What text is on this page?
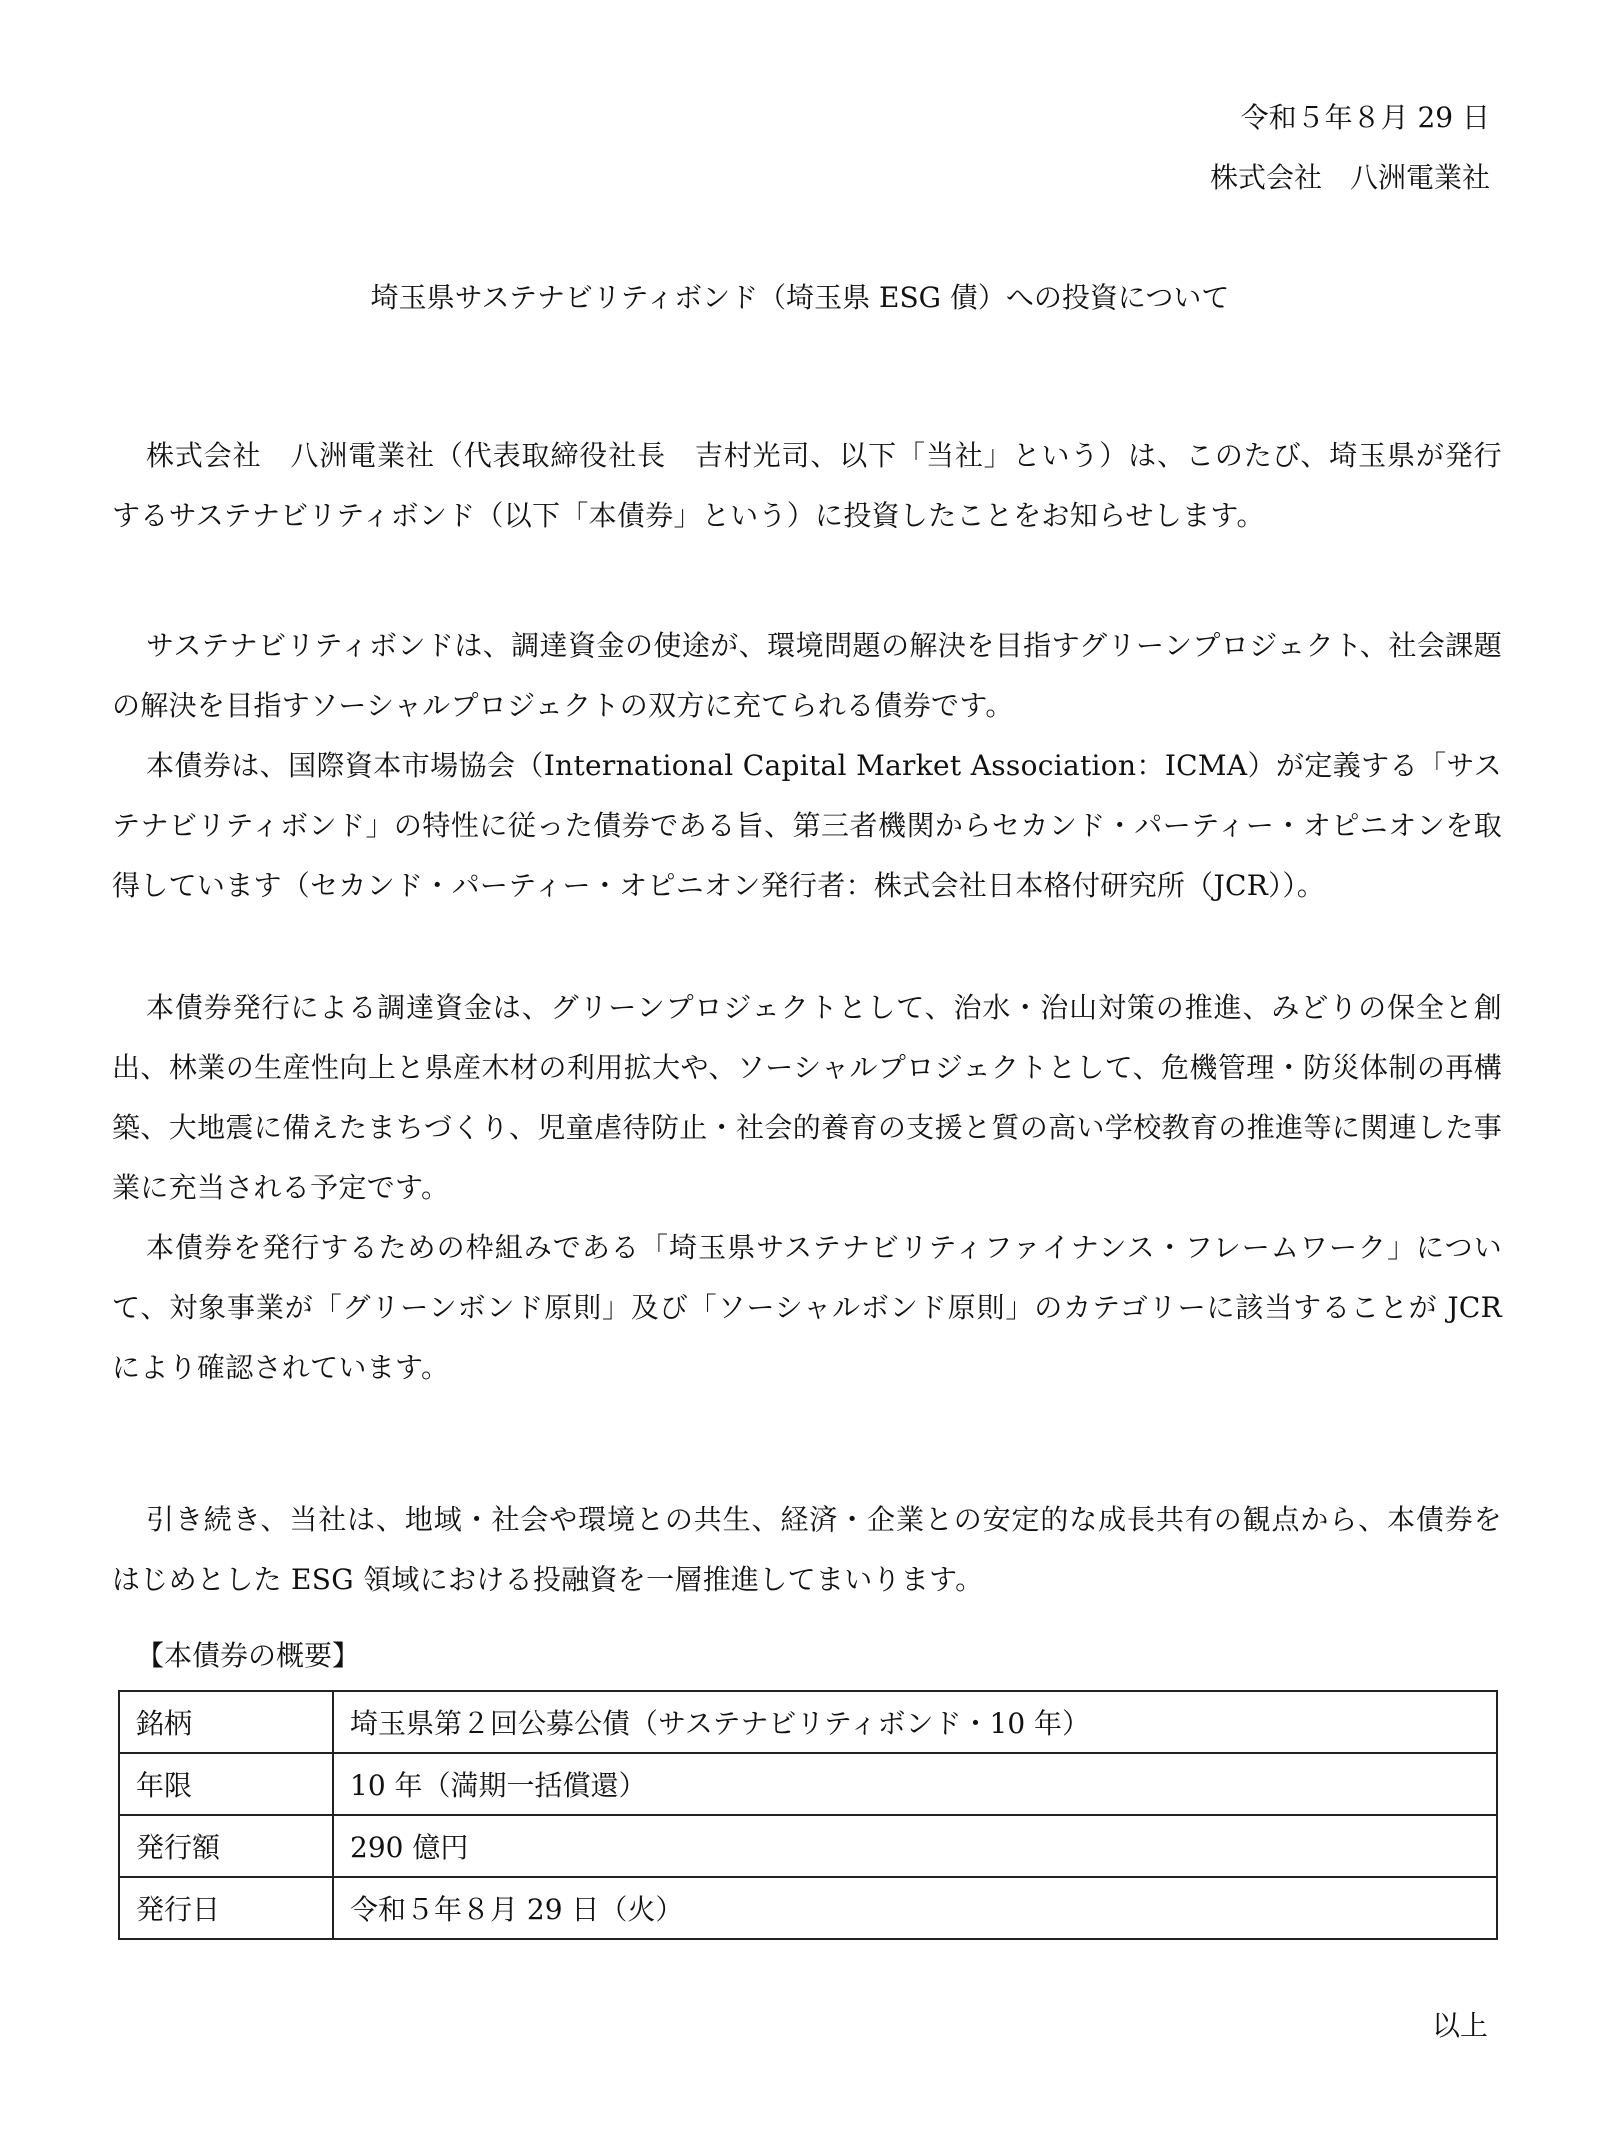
令和５年８月 29 日
株式会社　八洲電業社
埼玉県サステナビリティボンド（埼玉県 ESG 債）への投資について

株式会社　八洲電業社（代表取締役社長　吉村光司、以下「当社」という）は、このたび、埼玉県が発行するサステナビリティボンド（以下「本債券」という）に投資したことをお知らせします。

サステナビリティボンドは、調達資金の使途が、環境問題の解決を目指すグリーンプロジェクト、社会課題の解決を目指すソーシャルプロジェクトの双方に充てられる債券です。

本債券は、国際資本市場協会（International Capital Market Association：ICMA）が定義する「サステナビリティボンド」の特性に従った債券である旨、第三者機関からセカンド・パーティー・オピニオンを取得しています（セカンド・パーティー・オピニオン発行者：株式会社日本格付研究所（JCR））。

本債券発行による調達資金は、グリーンプロジェクトとして、治水・治山対策の推進、みどりの保全と創出、林業の生産性向上と県産木材の利用拡大や、ソーシャルプロジェクトとして、危機管理・防災体制の再構築、大地震に備えたまちづくり、児童虐待防止・社会的養育の支援と質の高い学校教育の推進等に関連した事業に充当される予定です。

本債券を発行するための枠組みである「埼玉県サステナビリティファイナンス・フレームワーク」について、対象事業が「グリーンボンド原則」及び「ソーシャルボンド原則」のカテゴリーに該当することが JCR により確認されています。

引き続き、当社は、地域・社会や環境との共生、経済・企業との安定的な成長共有の観点から、本債券をはじめとした ESG 領域における投融資を一層推進してまいります。

【本債券の概要】
銘柄	埼玉県第２回公募公債（サステナビリティボンド・10 年）
年限	10 年（満期一括償還）
発行額	290 億円
発行日	令和５年８月 29 日（火）
以上
